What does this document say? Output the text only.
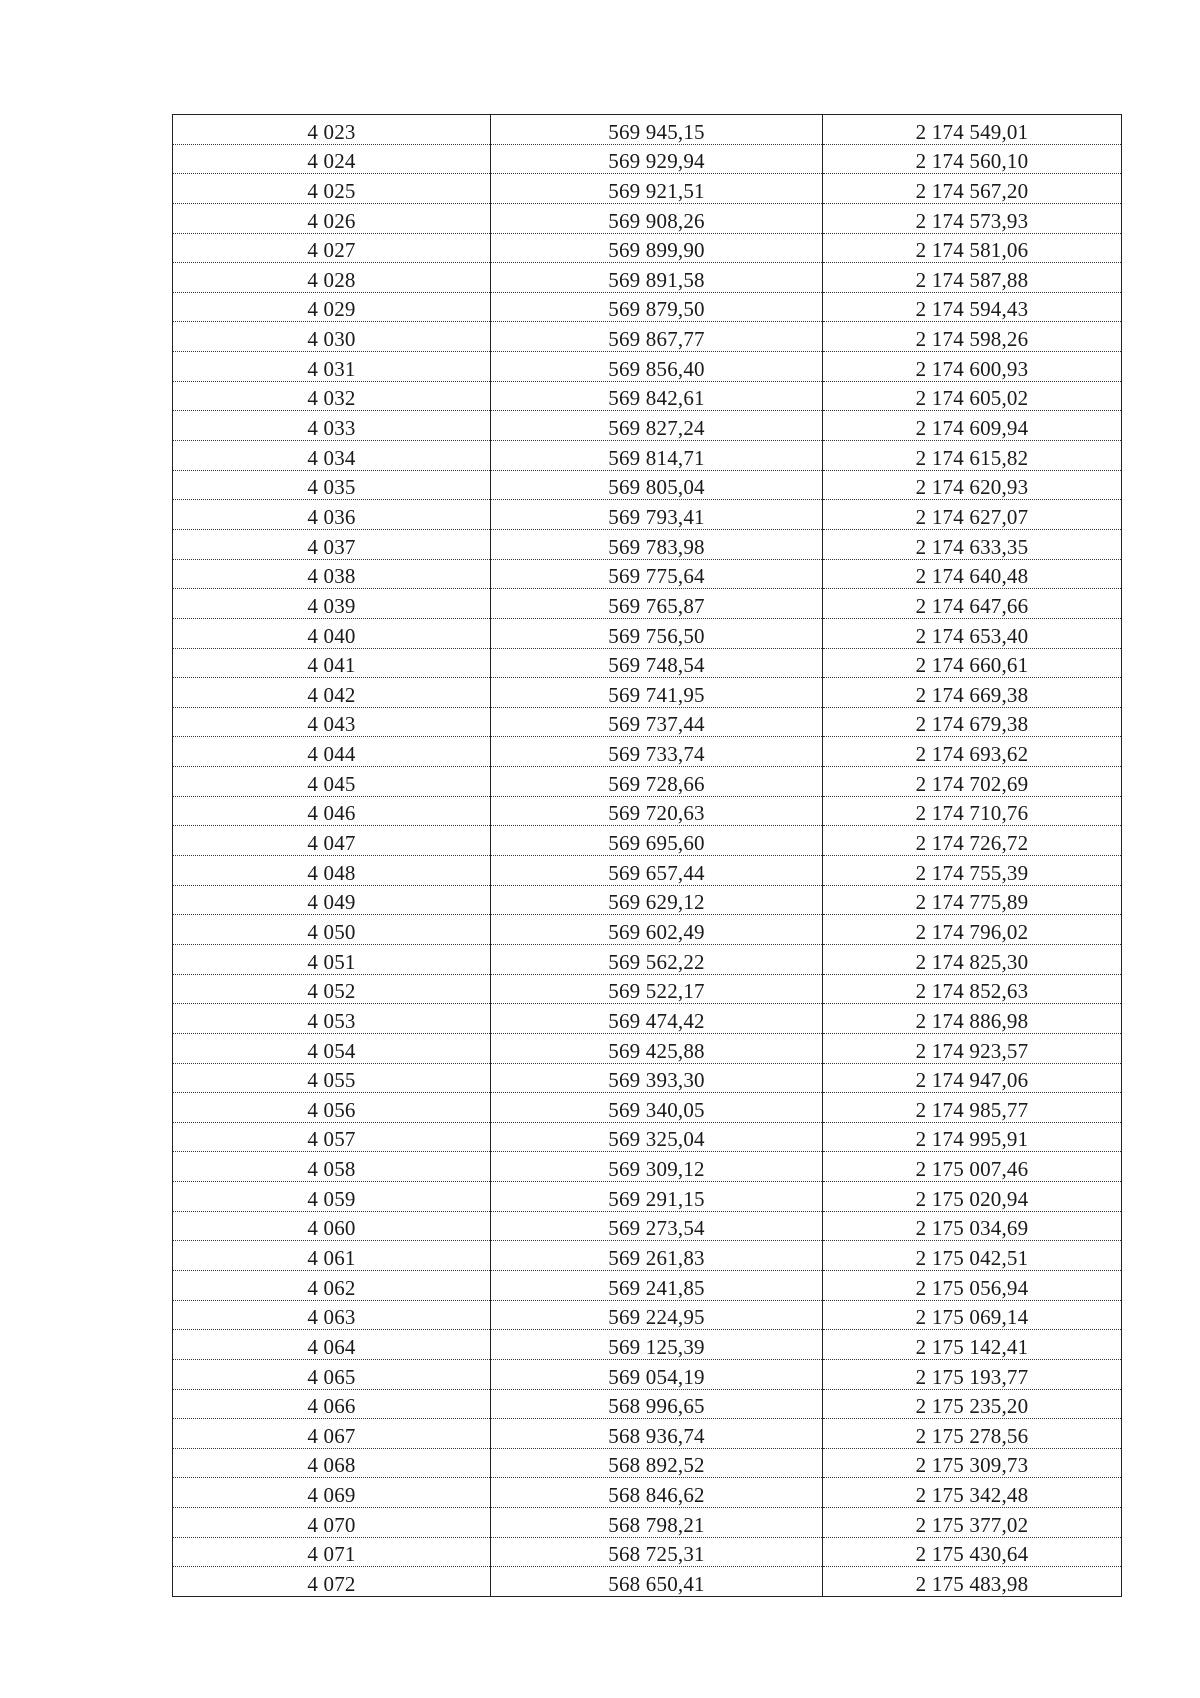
4 023	569 945,15	2 174 549,01
4 024	569 929,94	2 174 560,10
4 025	569 921,51	2 174 567,20
4 026	569 908,26	2 174 573,93
4 027	569 899,90	2 174 581,06
4 028	569 891,58	2 174 587,88
4 029	569 879,50	2 174 594,43
4 030	569 867,77	2 174 598,26
4 031	569 856,40	2 174 600,93
4 032	569 842,61	2 174 605,02
4 033	569 827,24	2 174 609,94
4 034	569 814,71	2 174 615,82
4 035	569 805,04	2 174 620,93
4 036	569 793,41	2 174 627,07
4 037	569 783,98	2 174 633,35
4 038	569 775,64	2 174 640,48
4 039	569 765,87	2 174 647,66
4 040	569 756,50	2 174 653,40
4 041	569 748,54	2 174 660,61
4 042	569 741,95	2 174 669,38
4 043	569 737,44	2 174 679,38
4 044	569 733,74	2 174 693,62
4 045	569 728,66	2 174 702,69
4 046	569 720,63	2 174 710,76
4 047	569 695,60	2 174 726,72
4 048	569 657,44	2 174 755,39
4 049	569 629,12	2 174 775,89
4 050	569 602,49	2 174 796,02
4 051	569 562,22	2 174 825,30
4 052	569 522,17	2 174 852,63
4 053	569 474,42	2 174 886,98
4 054	569 425,88	2 174 923,57
4 055	569 393,30	2 174 947,06
4 056	569 340,05	2 174 985,77
4 057	569 325,04	2 174 995,91
4 058	569 309,12	2 175 007,46
4 059	569 291,15	2 175 020,94
4 060	569 273,54	2 175 034,69
4 061	569 261,83	2 175 042,51
4 062	569 241,85	2 175 056,94
4 063	569 224,95	2 175 069,14
4 064	569 125,39	2 175 142,41
4 065	569 054,19	2 175 193,77
4 066	568 996,65	2 175 235,20
4 067	568 936,74	2 175 278,56
4 068	568 892,52	2 175 309,73
4 069	568 846,62	2 175 342,48
4 070	568 798,21	2 175 377,02
4 071	568 725,31	2 175 430,64
4 072	568 650,41	2 175 483,98
